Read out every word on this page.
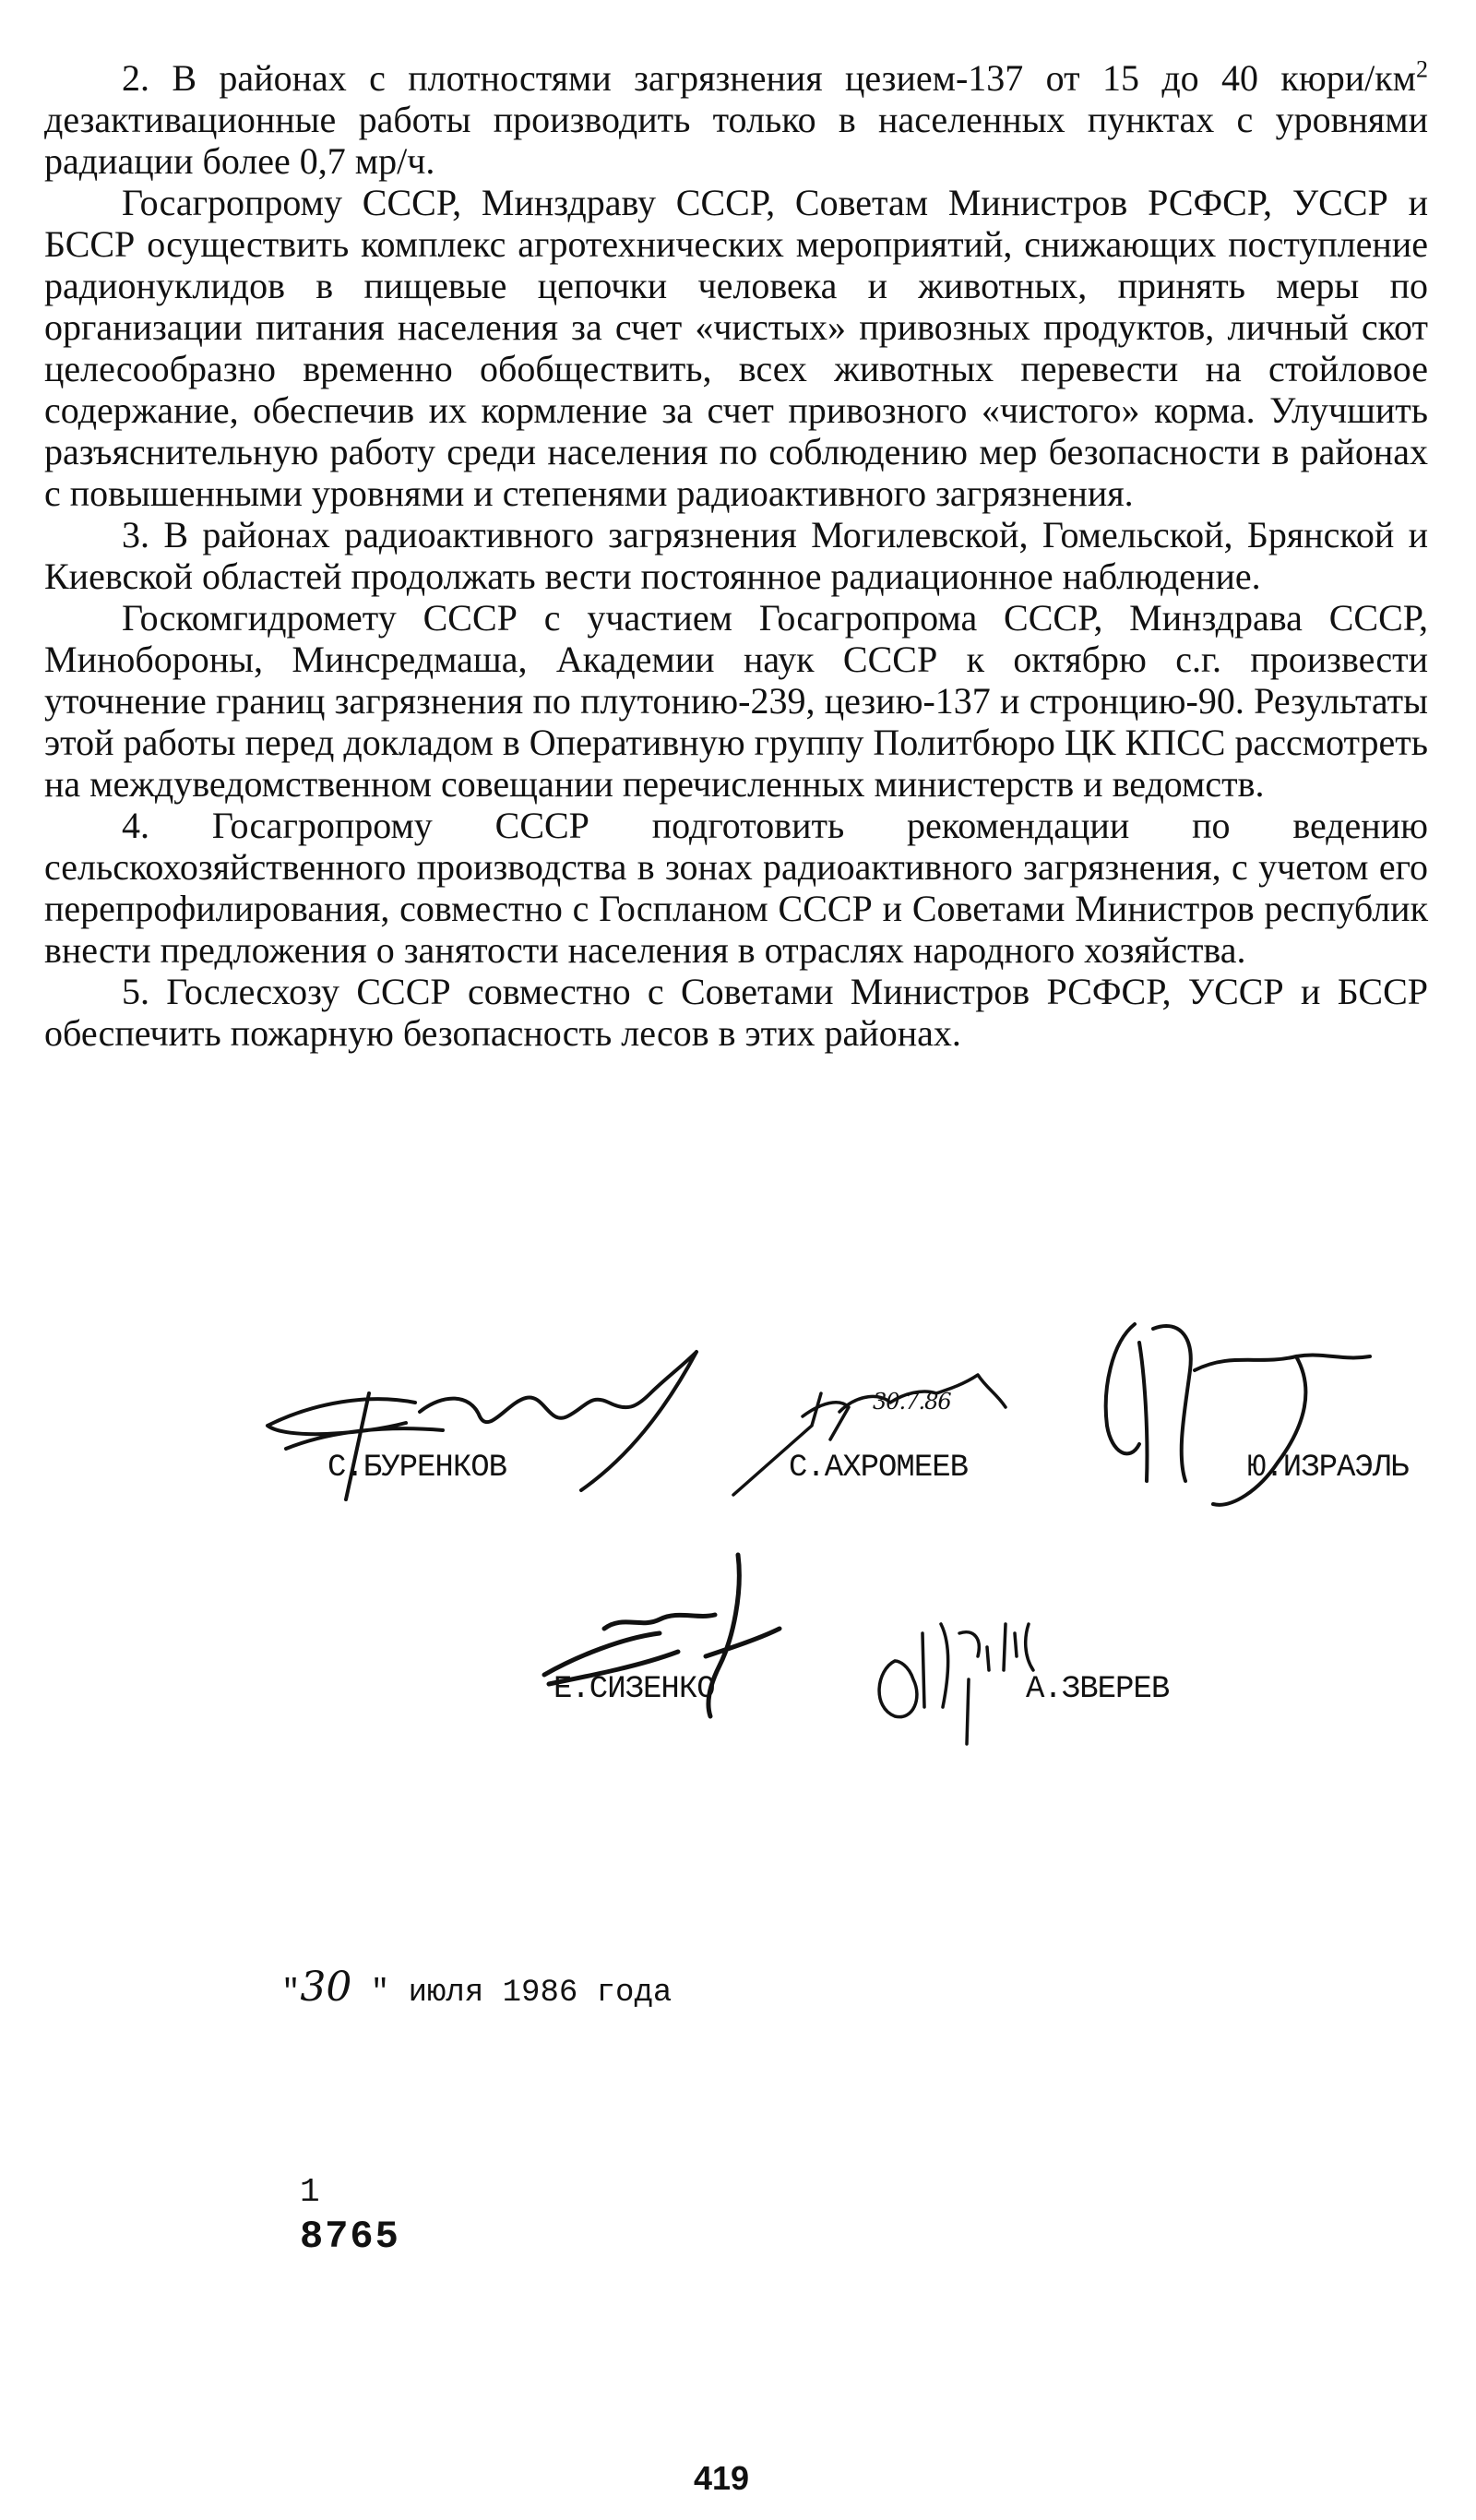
2. В районах с плотностями загрязнения цезием-137 от 15 до 40 кюри/$км^2$ дезактивационные работы производить только в населенных пунктах с уровнями радиации более 0,7 мр/ч.

Госагропрому СССР, Минздраву СССР, Советам Министров РСФСР, УССР и БССР осуществить комплекс агротехнических мероприятий, снижающих поступление радионуклидов в пищевые цепочки человека и животных, принять меры по организации питания населения за счет «чистых» привозных продуктов, личный скот целесообразно временно обобществить, всех животных перевести на стойловое содержание, обеспечив их кормление за счет привозного «чистого» корма. Улучшить разъяснительную работу среди населения по соблюдению мер безопасности в районах с повышенными уровнями и степенями радиоактивного загрязнения.

3. В районах радиоактивного загрязнения Могилевской, Гомельской, Брянской и Киевской областей продолжать вести постоянное радиационное наблюдение.

Госкомгидромету СССР с участием Госагропрома СССР, Минздрава СССР, Минобороны, Минсредмаша, Академии наук СССР к октябрю с.г. произвести уточнение границ загрязнения по плутонию-239, цезию-137 и стронцию-90. Результаты этой работы перед докладом в Оперативную группу Политбюро ЦК КПСС рассмотреть на междуведомственном совещании перечисленных министерств и ведомств.

4. Госагропрому СССР подготовить рекомендации по ведению сельскохозяйственного производства в зонах радиоактивного загрязнения, с учетом его перепрофилирования, совместно с Госпланом СССР и Советами Министров республик внести предложения о занятости населения в отраслях народного хозяйства.

5. Гослесхозу СССР совместно с Советами Министров РСФСР, УССР и БССР обеспечить пожарную безопасность лесов в этих районах.

С.БУРЕНКОВ
30.7.86
С.АХРОМЕЕВ	Ю.ИЗРАЭЛЬ
Е.СИЗЕНКО	А.ЗВЕРЕВ
"30 " июля 1986 года
1
8765
419
